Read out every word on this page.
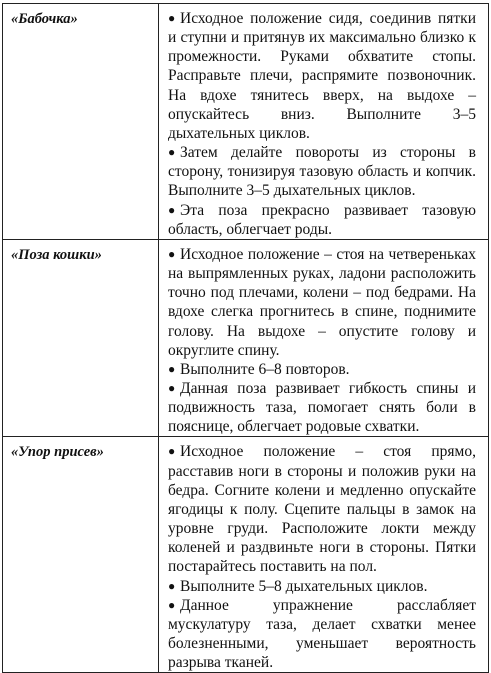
«Бабочка»	● Исходное положение сидя, соединив пятки и ступни и притянув их максимально близко к промежности. Руками обхватите стопы. Расправьте плечи, распрямите позвоночник. На вдохе тянитесь вверх, на выдохе – опускайтесь вниз. Выполните 3–5 дыхательных циклов.

● Затем делайте повороты из стороны в сторону, тонизируя тазовую область и копчик. Выполните 3–5 дыхательных циклов.

● Эта поза прекрасно развивает тазовую область, облегчает роды.

«Поза кошки»	● Исходное положение – стоя на четвереньках на выпрямленных руках, ладони расположить точно под плечами, колени – под бедрами. На вдохе слегка прогнитесь в спине, поднимите голову. На выдохе – опустите голову и округлите спину.

● Выполните 6–8 повторов.

● Данная поза развивает гибкость спины и подвижность таза, помогает снять боли в пояснице, облегчает родовые схватки.

«Упор присев»	● Исходное положение – стоя прямо, расставив ноги в стороны и положив руки на бедра. Согните колени и медленно опускайте ягодицы к полу. Сцепите пальцы в замок на уровне груди. Расположите локти между коленей и раздвиньте ноги в стороны. Пятки постарайтесь поставить на пол.

● Выполните 5–8 дыхательных циклов.

● Данное упражнение расслабляет мускулатуру таза, делает схватки менее болезненными, уменьшает вероятность разрыва тканей.
